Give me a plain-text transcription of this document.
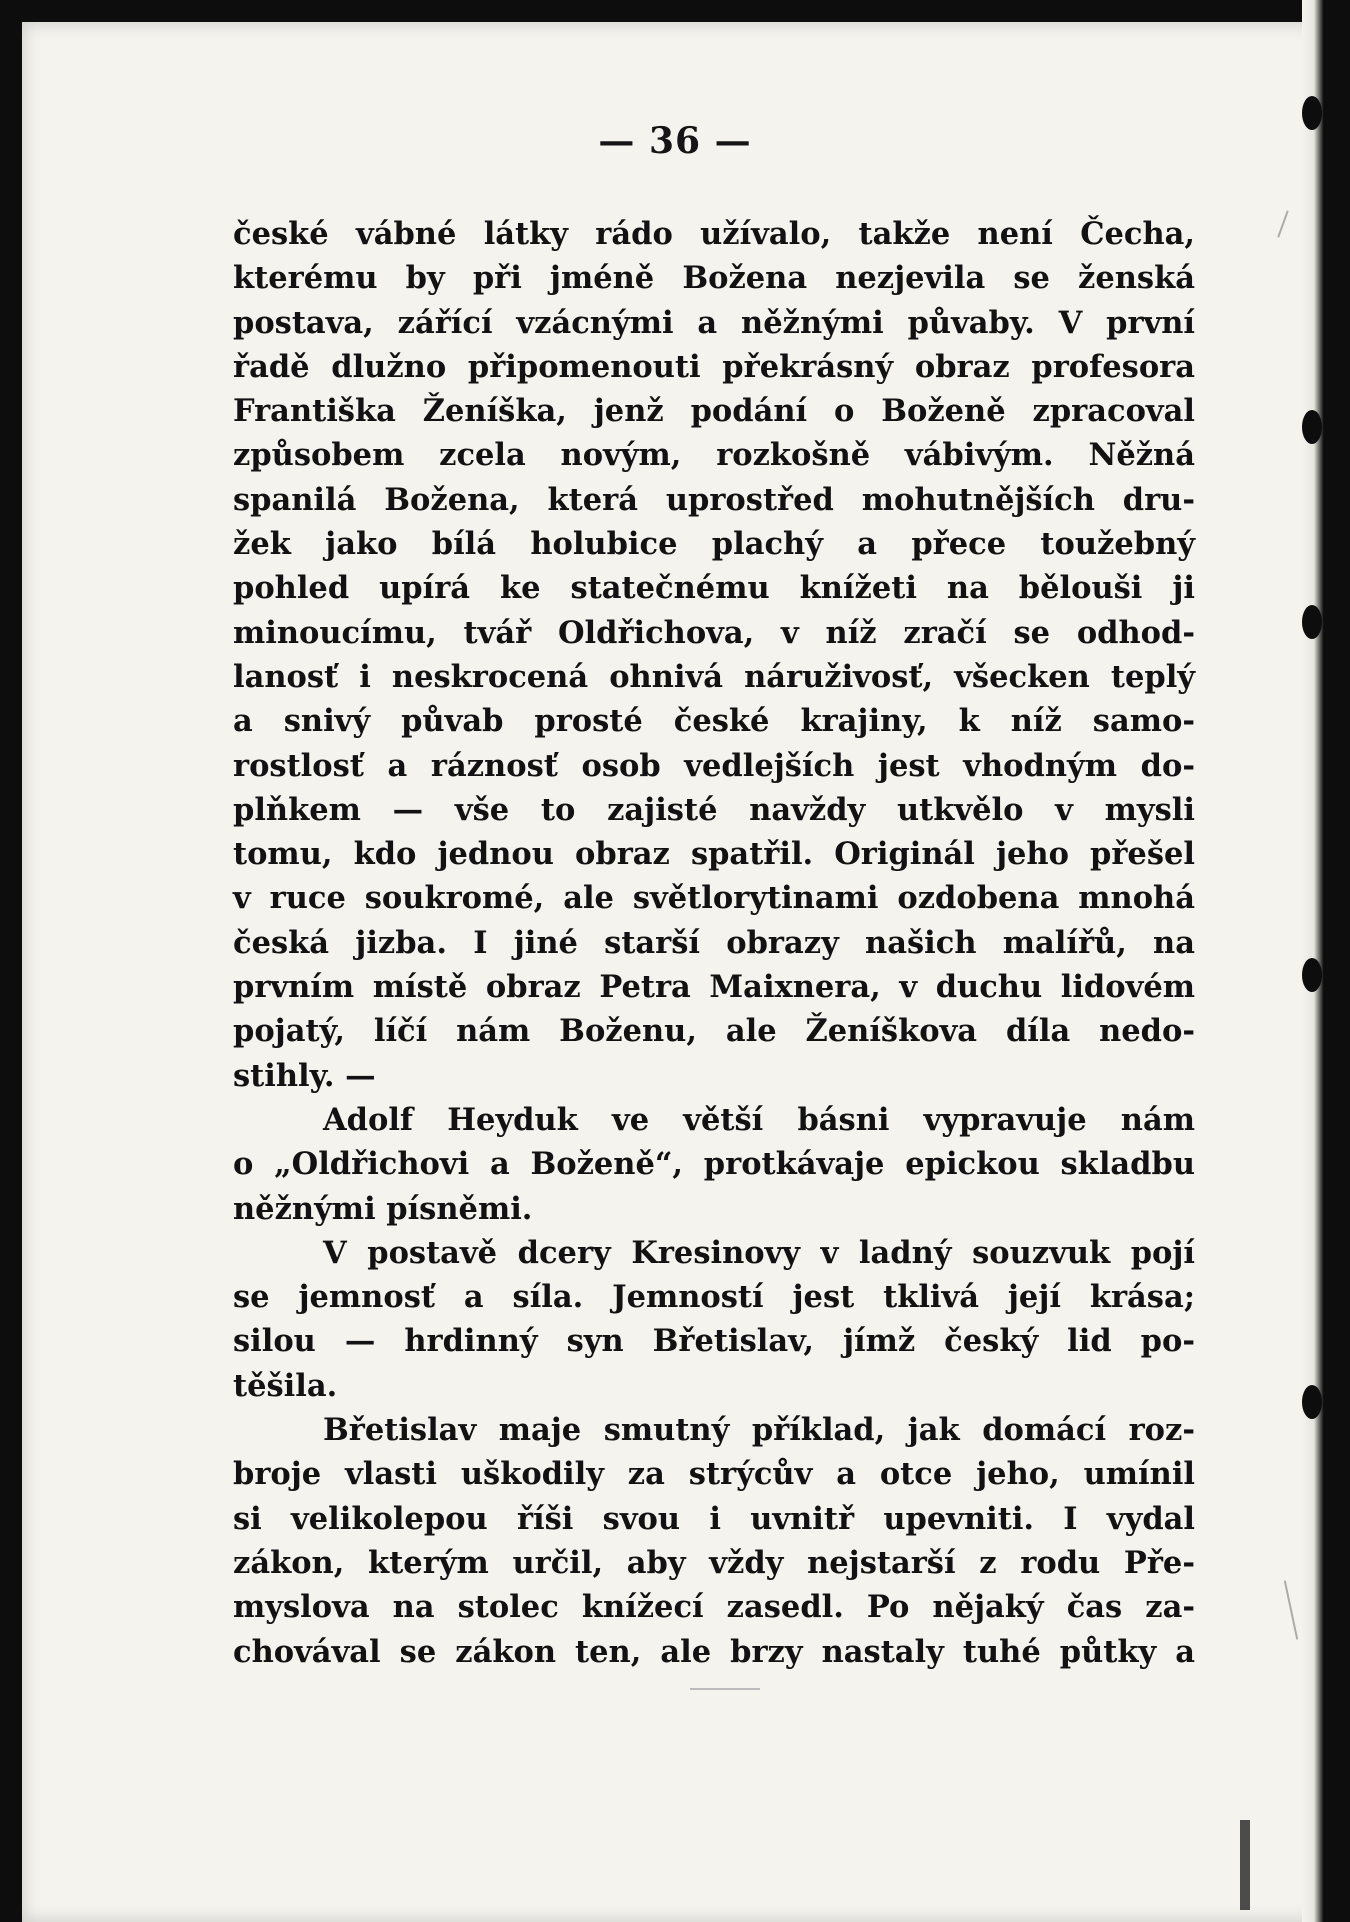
— 36 —
české vábné látky rádo užívalo, takže není Čecha,
kterému by při jméně Božena nezjevila se ženská
postava, zářící vzácnými a něžnými půvaby. V první
řadě dlužno připomenouti překrásný obraz profesora
Františka Ženíška, jenž podání o Boženě zpracoval
způsobem zcela novým, rozkošně vábivým. Něžná
spanilá Božena, která uprostřed mohutnějších dru-
žek jako bílá holubice plachý a přece toužebný
pohled upírá ke statečnému knížeti na bělouši ji
minoucímu, tvář Oldřichova, v níž zračí se odhod-
lanosť i neskrocená ohnivá náruživosť, všecken teplý
a snivý půvab prosté české krajiny, k níž samo-
rostlosť a ráznosť osob vedlejších jest vhodným do-
plňkem — vše to zajisté navždy utkvělo v mysli
tomu, kdo jednou obraz spatřil. Originál jeho přešel
v ruce soukromé, ale světlorytinami ozdobena mnohá
česká jizba. I jiné starší obrazy našich malířů, na
prvním místě obraz Petra Maixnera, v duchu lidovém
pojatý, líčí nám Boženu, ale Ženíškova díla nedo-
stihly. —
Adolf Heyduk ve větší básni vypravuje nám
o „Oldřichovi a Boženě“, protkávaje epickou skladbu
něžnými písněmi.
V postavě dcery Kresinovy v ladný souzvuk pojí
se jemnosť a síla. Jemností jest tklivá její krása;
silou — hrdinný syn Břetislav, jímž český lid po-
těšila.
Břetislav maje smutný příklad, jak domácí roz-
broje vlasti uškodily za strýcův a otce jeho, umínil
si velikolepou říši svou i uvnitř upevniti. I vydal
zákon, kterým určil, aby vždy nejstarší z rodu Pře-
myslova na stolec knížecí zasedl. Po nějaký čas za-
chovával se zákon ten, ale brzy nastaly tuhé půtky a
